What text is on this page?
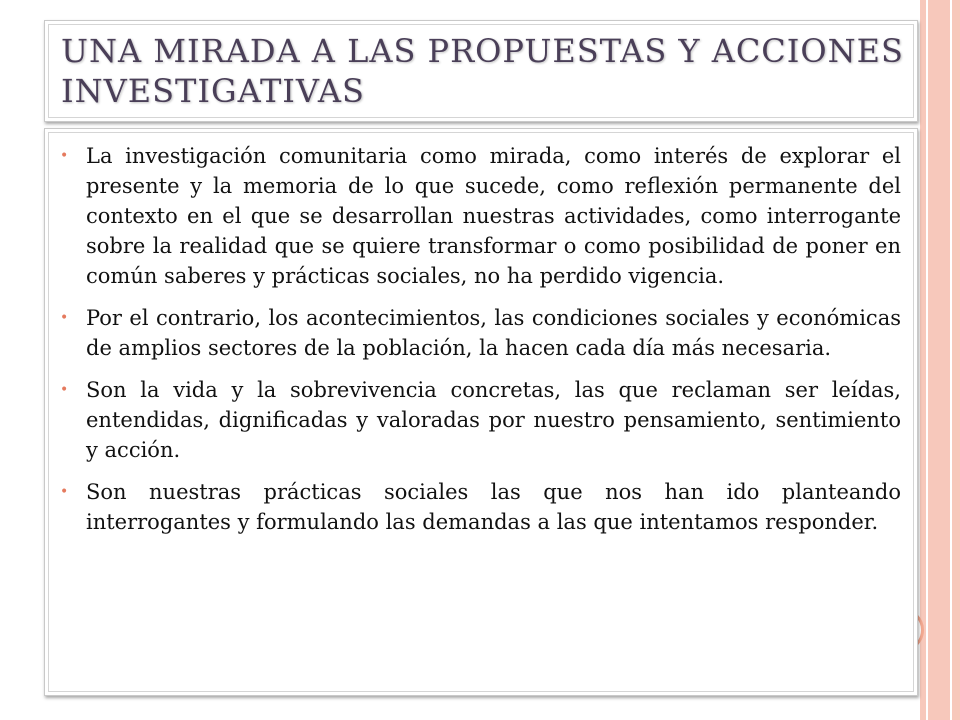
UNA MIRADA A LAS PROPUESTAS Y ACCIONES INVESTIGATIVAS
• La investigación comunitaria como mirada, como interés de explorar el presente y la memoria de lo que sucede, como reflexión permanente del contexto en el que se desarrollan nuestras actividades, como interrogante sobre la realidad que se quiere transformar o como posibilidad de poner en común saberes y prácticas sociales, no ha perdido vigencia.
• Por el contrario, los acontecimientos, las condiciones sociales y económicas de amplios sectores de la población, la hacen cada día más necesaria.
• Son la vida y la sobrevivencia concretas, las que reclaman ser leídas, entendidas, dignificadas y valoradas por nuestro pensamiento, sentimiento y acción.
• Son nuestras prácticas sociales las que nos han ido planteando interrogantes y formulando las demandas a las que intentamos responder.
